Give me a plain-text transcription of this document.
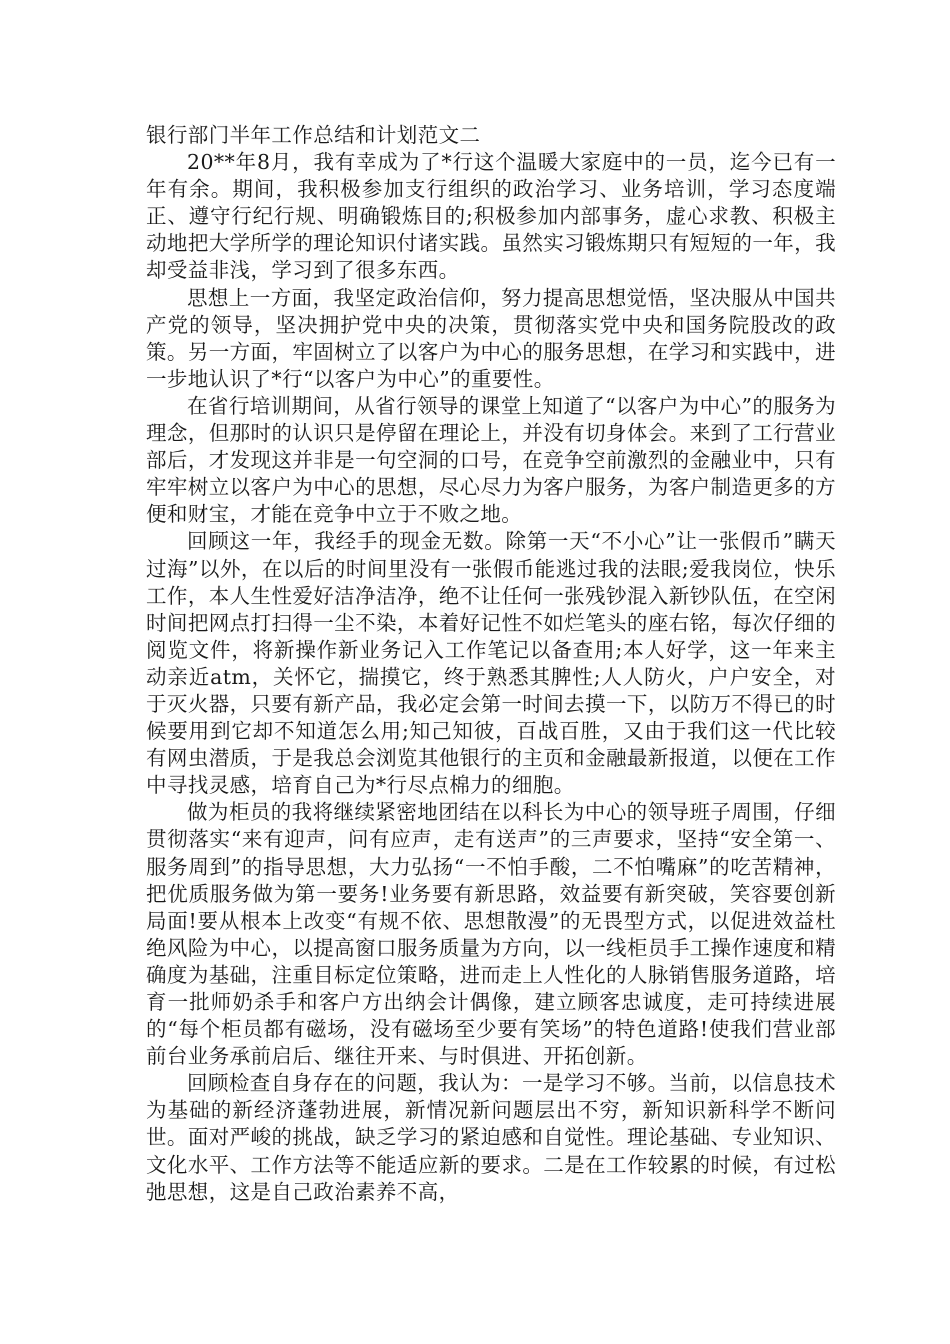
银行部门半年工作总结和计划范文二

20**年8月，我有幸成为了*行这个温暖大家庭中的一员，迄今已有一年有余。期间，我积极参加支行组织的政治学习、业务培训，学习态度端正、遵守行纪行规、明确锻炼目的;积极参加内部事务，虚心求教、积极主动地把大学所学的理论知识付诸实践。虽然实习锻炼期只有短短的一年，我却受益非浅，学习到了很多东西。

思想上一方面，我坚定政治信仰，努力提高思想觉悟，坚决服从中国共产党的领导，坚决拥护党中央的决策，贯彻落实党中央和国务院股改的政策。另一方面，牢固树立了以客户为中心的服务思想，在学习和实践中，进一步地认识了*行“以客户为中心”的重要性。

在省行培训期间，从省行领导的课堂上知道了“以客户为中心”的服务为理念，但那时的认识只是停留在理论上，并没有切身体会。来到了工行营业部后，才发现这并非是一句空洞的口号，在竞争空前激烈的金融业中，只有牢牢树立以客户为中心的思想，尽心尽力为客户服务，为客户制造更多的方便和财宝，才能在竞争中立于不败之地。

回顾这一年，我经手的现金无数。除第一天“不小心”让一张假币”瞒天过海”以外，在以后的时间里没有一张假币能逃过我的法眼;爱我岗位，快乐工作，本人生性爱好洁净洁净，绝不让任何一张残钞混入新钞队伍，在空闲时间把网点打扫得一尘不染，本着好记性不如烂笔头的座右铭，每次仔细的阅览文件，将新操作新业务记入工作笔记以备查用;本人好学，这一年来主动亲近atm，关怀它，揣摸它，终于熟悉其脾性;人人防火，户户安全，对于灭火器，只要有新产品，我必定会第一时间去摸一下，以防万不得已的时候要用到它却不知道怎么用;知己知彼，百战百胜，又由于我们这一代比较有网虫潜质，于是我总会浏览其他银行的主页和金融最新报道，以便在工作中寻找灵感，培育自己为*行尽点棉力的细胞。

做为柜员的我将继续紧密地团结在以科长为中心的领导班子周围，仔细贯彻落实“来有迎声，问有应声，走有送声”的三声要求，坚持“安全第一、服务周到”的指导思想，大力弘扬“一不怕手酸，二不怕嘴麻”的吃苦精神，把优质服务做为第一要务!业务要有新思路，效益要有新突破，笑容要创新局面!要从根本上改变“有规不依、思想散漫”的无畏型方式，以促进效益杜绝风险为中心，以提高窗口服务质量为方向，以一线柜员手工操作速度和精确度为基础，注重目标定位策略，进而走上人性化的人脉销售服务道路，培育一批师奶杀手和客户方出纳会计偶像，建立顾客忠诚度，走可持续进展的“每个柜员都有磁场，没有磁场至少要有笑场”的特色道路!使我们营业部前台业务承前启后、继往开来、与时俱进、开拓创新。

回顾检查自身存在的问题，我认为：一是学习不够。当前，以信息技术为基础的新经济蓬勃进展，新情况新问题层出不穷，新知识新科学不断问世。面对严峻的挑战，缺乏学习的紧迫感和自觉性。理论基础、专业知识、文化水平、工作方法等不能适应新的要求。二是在工作较累的时候，有过松弛思想，这是自己政治素养不高，
